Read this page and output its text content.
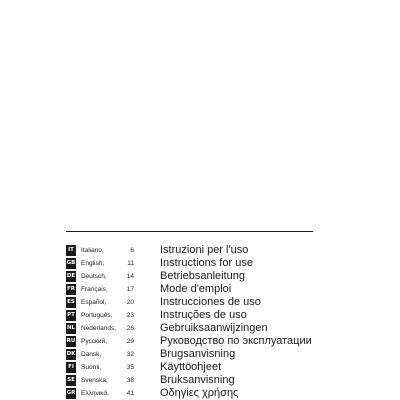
IT	Italiano,	6 Istruzioni per l'uso
GB English,	11 Instructions for use
DE Deutsch,	14 Betriebsanleitung
FR Français,	17 Mode d'emploi
ES Español,	20 Instrucciones de uso
PT Português,	23 Instruções de uso
NL Nederlands,	26 Gebruiksaanwijzingen
RU Русский,	29 Руководство по эксплуатации
DK Dansk,	32 Brugsanvisning
FI	Suomi,	35 Käyttöohjeet
SE Svenska,	38 Bruksanvisning
GR Ελληνικά,	41 Οδηγίες χρήσης
